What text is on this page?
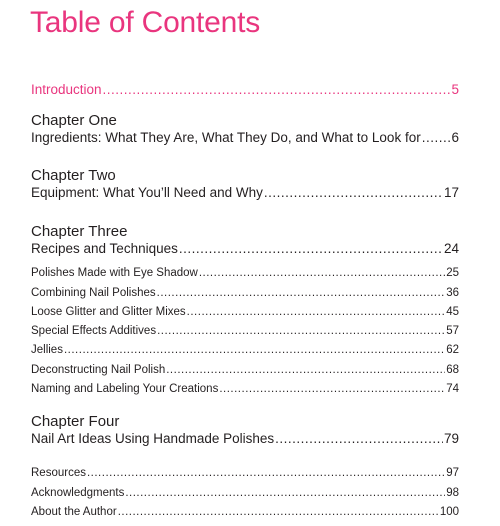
Table of Contents
Introduction .....	5
Chapter One
Ingredients: What They Are, What They Do, and What to Look for ..... 6
Chapter Two
Equipment: What You’ll Need and Why .....	17
Chapter Three
Recipes and Techniques .....	24
Polishes Made with Eye Shadow .....	25
Combining Nail Polishes .....	36
Loose Glitter and Glitter Mixes .....	45
Special Effects Additives .....	57
Jellies .....	62
Deconstructing Nail Polish .....	68
Naming and Labeling Your Creations .....	74
Chapter Four
Nail Art Ideas Using Handmade Polishes .....	79
Resources .....	97
Acknowledgments .....	98
About the Author .....	100
